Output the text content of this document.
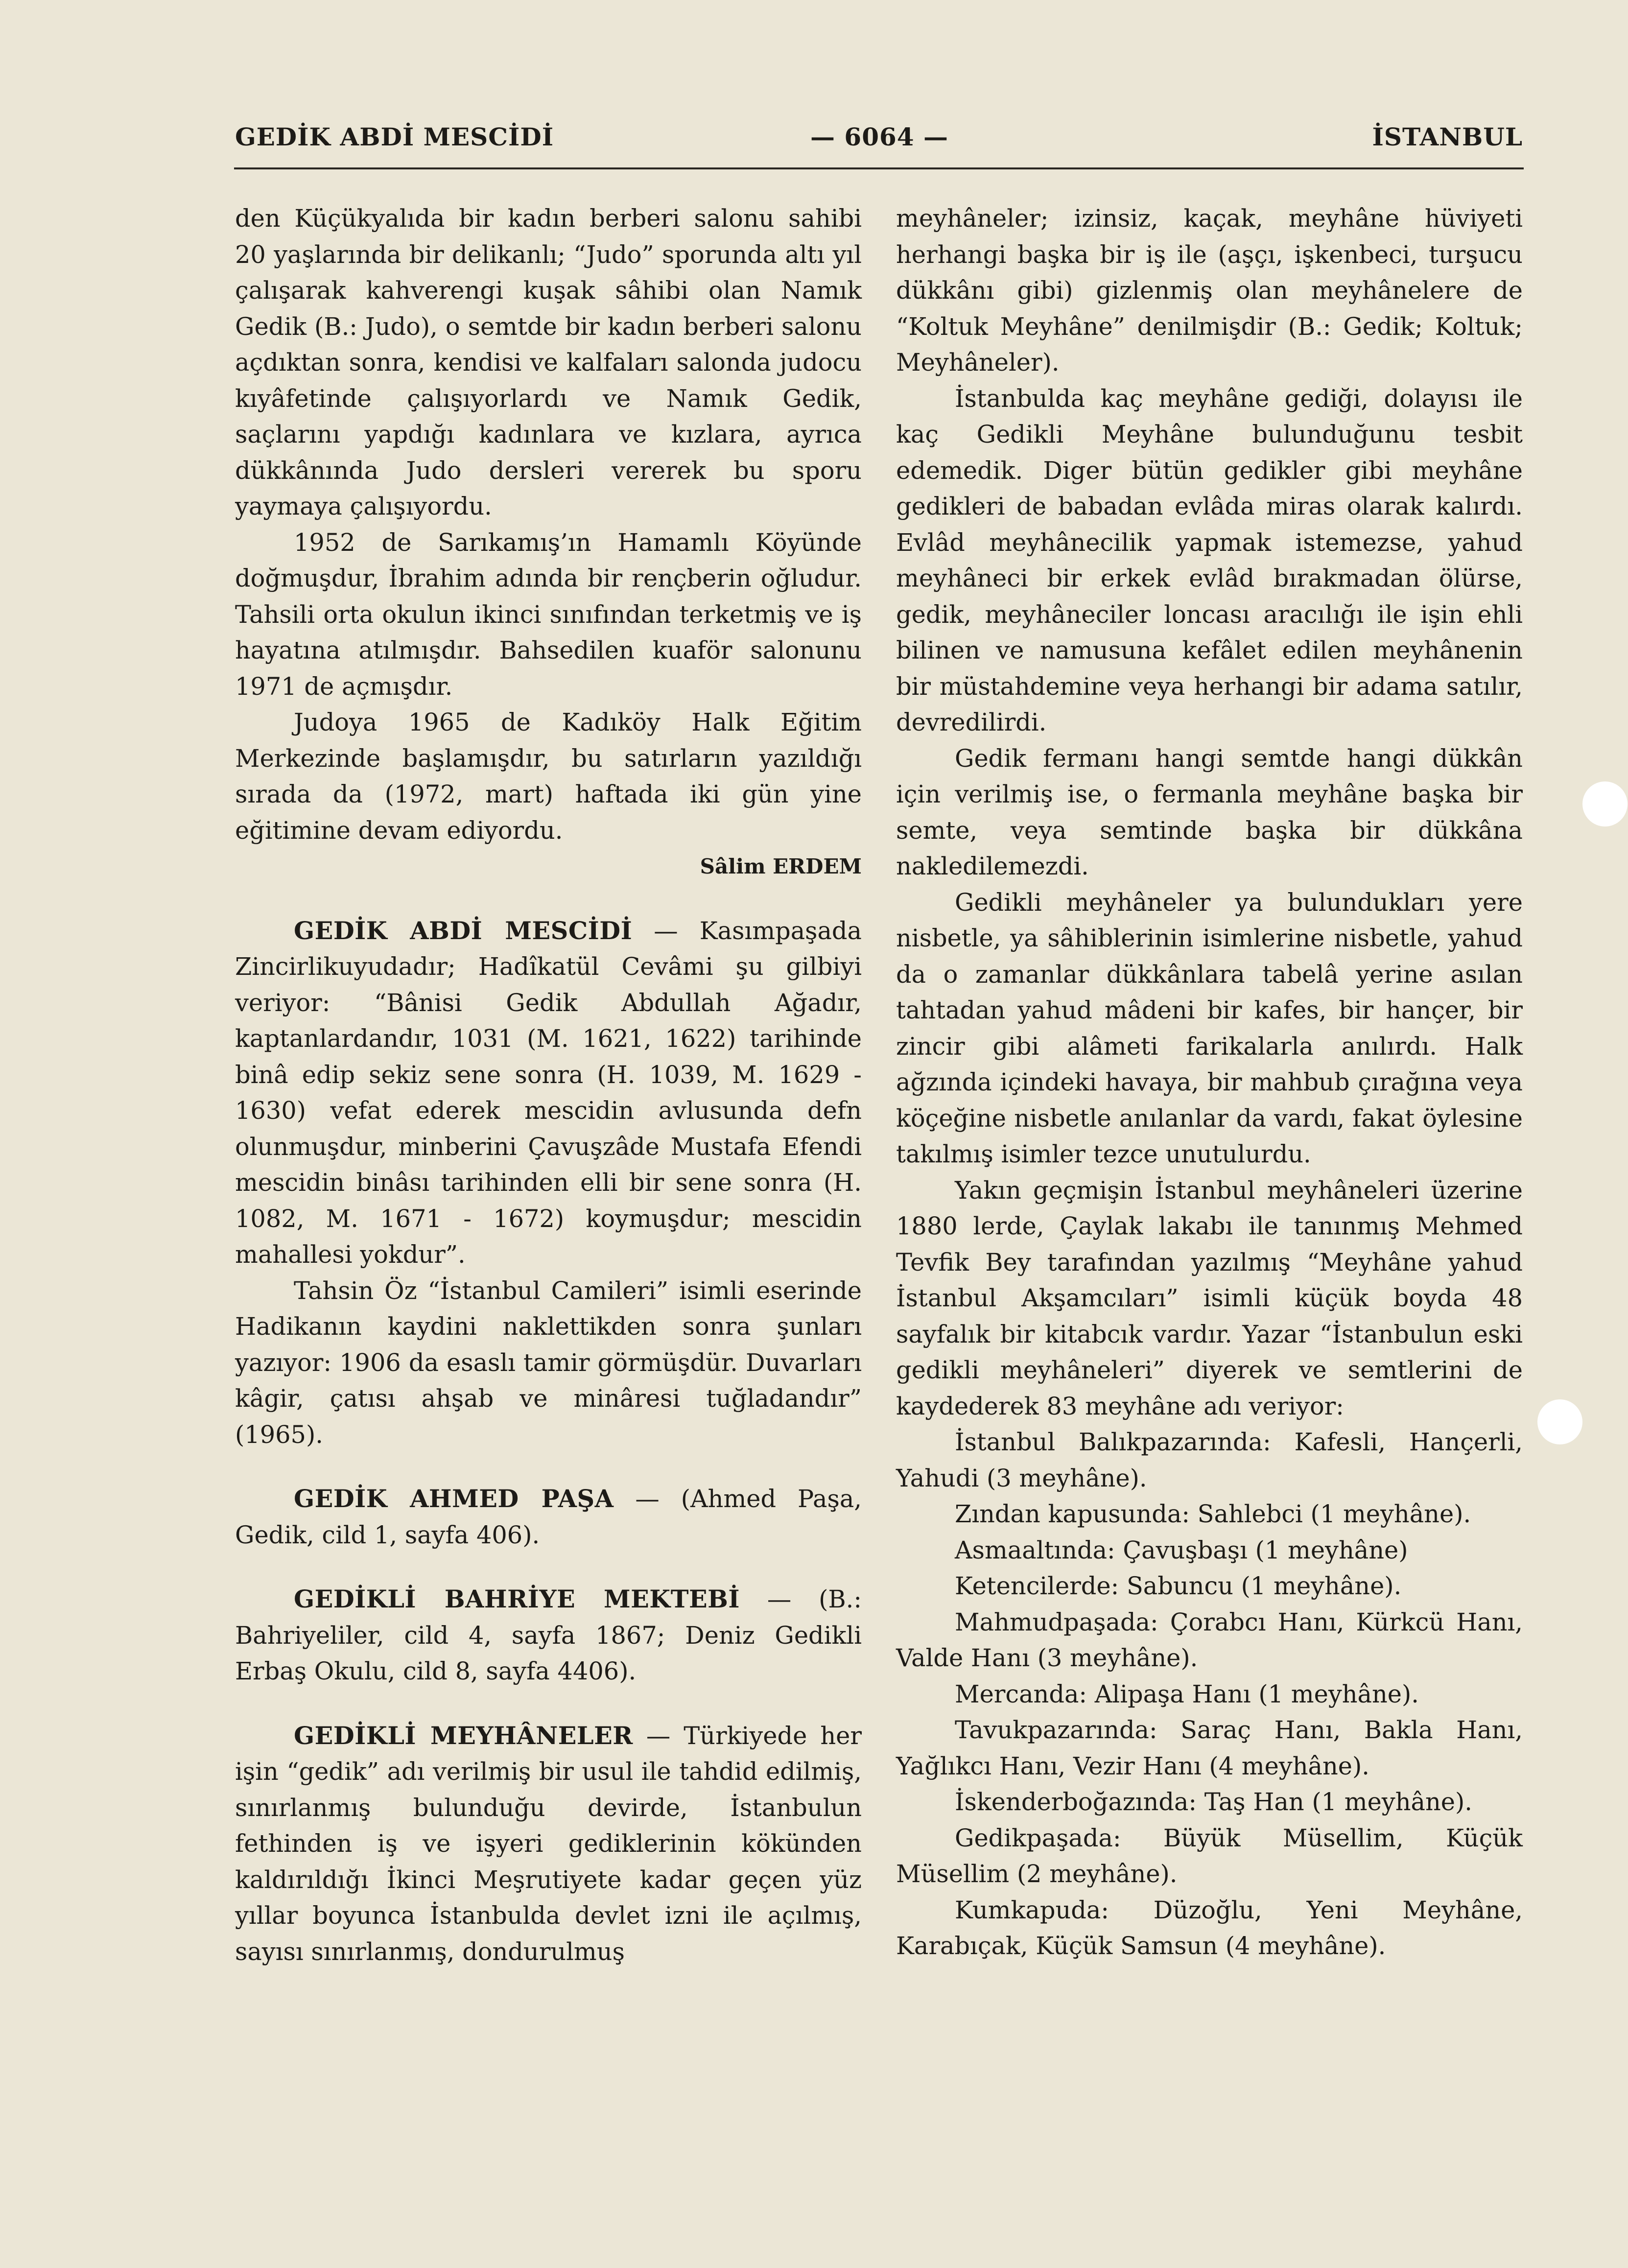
GEDİK ABDİ MESCİDİ	— 6064 —	İSTANBUL

den Küçükyalıda bir kadın berberi salonu sahibi 20 yaşlarında bir delikanlı; “Judo” sporunda altı yıl çalışarak kahverengi kuşak sâhibi olan Namık Gedik (B.: Judo), o semtde bir kadın berberi salonu açdıktan sonra, kendisi ve kalfaları salonda judocu kıyâfetinde çalışıyorlardı ve Namık Gedik, saçlarını yapdığı kadınlara ve kızlara, ayrıca dükkânında Judo dersleri vererek bu sporu yaymaya çalışıyordu.

1952 de Sarıkamış’ın Hamamlı Köyünde doğmuşdur, İbrahim adında bir rençberin oğludur. Tahsili orta okulun ikinci sınıfından terketmiş ve iş hayatına atılmışdır. Bahsedilen kuaför salonunu 1971 de açmışdır.

Judoya 1965 de Kadıköy Halk Eğitim Merkezinde başlamışdır, bu satırların yazıldığı sırada da (1972, mart) haftada iki gün yine eğitimine devam ediyordu.

Sâlim ERDEM

GEDİK ABDİ MESCİDİ — Kasımpaşada Zincirlikuyudadır; Hadîkatül Cevâmi şu gilbiyi veriyor: “Bânisi Gedik Abdullah Ağadır, kaptanlardandır, 1031 (M. 1621, 1622) tarihinde binâ edip sekiz sene sonra (H. 1039, M. 1629 - 1630) vefat ederek mescidin avlusunda defn olunmuşdur, minberini Çavuşzâde Mustafa Efendi mescidin binâsı tarihinden elli bir sene sonra (H. 1082, M. 1671 - 1672) koymuşdur; mescidin mahallesi yokdur”.

Tahsin Öz “İstanbul Camileri” isimli eserinde Hadikanın kaydini naklettikden sonra şunları yazıyor: 1906 da esaslı tamir görmüşdür. Duvarları kâgir, çatısı ahşab ve minâresi tuğladandır” (1965).

GEDİK AHMED PAŞA — (Ahmed Paşa, Gedik, cild 1, sayfa 406).

GEDİKLİ BAHRİYE MEKTEBİ — (B.: Bahriyeliler, cild 4, sayfa 1867; Deniz Gedikli Erbaş Okulu, cild 8, sayfa 4406).

GEDİKLİ MEYHÂNELER — Türkiyede her işin “gedik” adı verilmiş bir usul ile tahdid edilmiş, sınırlanmış bulunduğu devirde, İstanbulun fethinden iş ve işyeri gediklerinin kökünden kaldırıldığı İkinci Meşrutiyete kadar geçen yüz yıllar boyunca İstanbulda devlet izni ile açılmış, sayısı sınırlanmış, dondurulmuş

meyhâneler; izinsiz, kaçak, meyhâne hüviyeti herhangi başka bir iş ile (aşçı, işkenbeci, turşucu dükkânı gibi) gizlenmiş olan meyhânelere de “Koltuk Meyhâne” denilmişdir (B.: Gedik; Koltuk; Meyhâneler).

İstanbulda kaç meyhâne gediği, dolayısı ile kaç Gedikli Meyhâne bulunduğunu tesbit edemedik. Diger bütün gedikler gibi meyhâne gedikleri de babadan evlâda miras olarak kalırdı. Evlâd meyhânecilik yapmak istemezse, yahud meyhâneci bir erkek evlâd bırakmadan ölürse, gedik, meyhâneciler loncası aracılığı ile işin ehli bilinen ve namusuna kefâlet edilen meyhânenin bir müstahdemine veya herhangi bir adama satılır, devredilirdi.

Gedik fermanı hangi semtde hangi dükkân için verilmiş ise, o fermanla meyhâne başka bir semte, veya semtinde başka bir dükkâna nakledilemezdi.

Gedikli meyhâneler ya bulundukları yere nisbetle, ya sâhiblerinin isimlerine nisbetle, yahud da o zamanlar dükkânlara tabelâ yerine asılan tahtadan yahud mâdeni bir kafes, bir hançer, bir zincir gibi alâmeti farikalarla anılırdı. Halk ağzında içindeki havaya, bir mahbub çırağına veya köçeğine nisbetle anılanlar da vardı, fakat öylesine takılmış isimler tezce unutulurdu.

Yakın geçmişin İstanbul meyhâneleri üzerine 1880 lerde, Çaylak lakabı ile tanınmış Mehmed Tevfik Bey tarafından yazılmış “Meyhâne yahud İstanbul Akşamcıları” isimli küçük boyda 48 sayfalık bir kitabcık vardır. Yazar “İstanbulun eski gedikli meyhâneleri” diyerek ve semtlerini de kaydederek 83 meyhâne adı veriyor:

İstanbul Balıkpazarında: Kafesli, Hançerli, Yahudi (3 meyhâne).

Zından kapusunda: Sahlebci (1 meyhâne).

Asmaaltında: Çavuşbaşı (1 meyhâne)

Ketencilerde: Sabuncu (1 meyhâne).

Mahmudpaşada: Çorabcı Hanı, Kürkcü Hanı, Valde Hanı (3 meyhâne).

Mercanda: Alipaşa Hanı (1 meyhâne).

Tavukpazarında: Saraç Hanı, Bakla Hanı, Yağlıkcı Hanı, Vezir Hanı (4 meyhâne).

İskenderboğazında: Taş Han (1 meyhâne).

Gedikpaşada: Büyük Müsellim, Küçük Müsellim (2 meyhâne).

Kumkapuda: Düzoğlu, Yeni Meyhâne, Karabıçak, Küçük Samsun (4 meyhâne).
